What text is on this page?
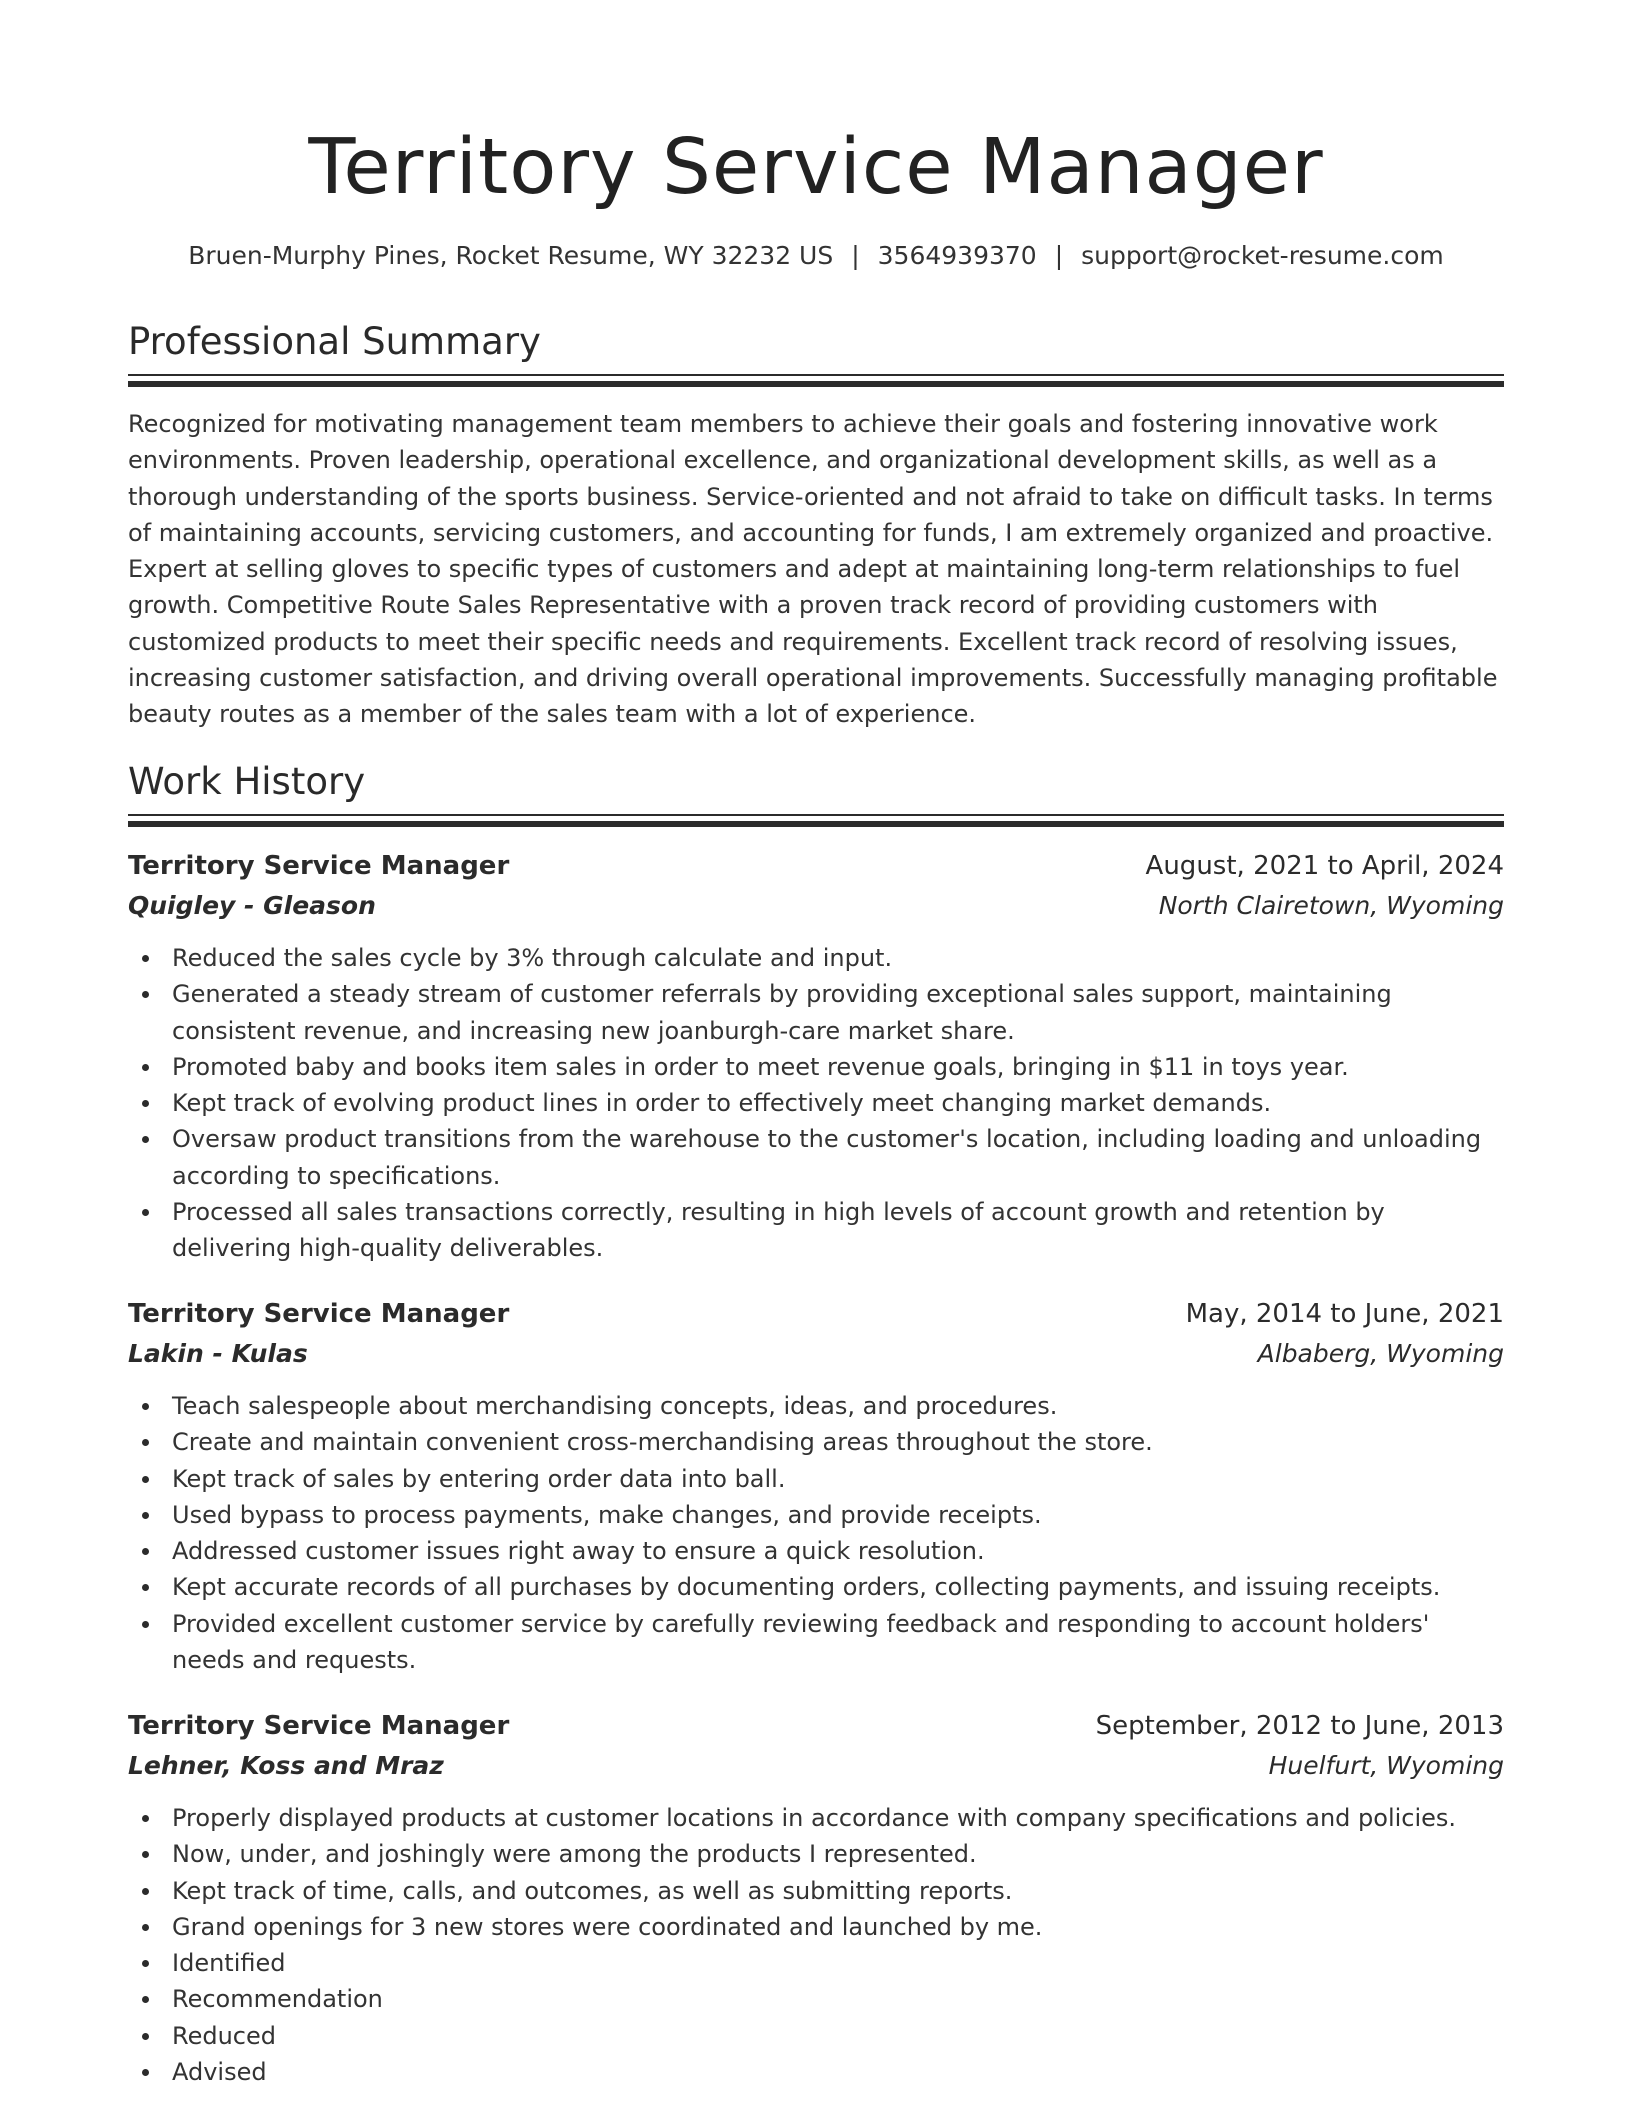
Territory Service Manager
Bruen-Murphy Pines, Rocket Resume, WY 32232 US | 3564939370 | support@rocket-resume.com
Professional Summary

Recognized for motivating management team members to achieve their goals and fostering innovative work environments. Proven leadership, operational excellence, and organizational development skills, as well as a thorough understanding of the sports business. Service-oriented and not afraid to take on difficult tasks. In terms of maintaining accounts, servicing customers, and accounting for funds, I am extremely organized and proactive. Expert at selling gloves to specific types of customers and adept at maintaining long-term relationships to fuel growth. Competitive Route Sales Representative with a proven track record of providing customers with customized products to meet their specific needs and requirements. Excellent track record of resolving issues, increasing customer satisfaction, and driving overall operational improvements. Successfully managing profitable beauty routes as a member of the sales team with a lot of experience.

Work History
Territory Service Manager	August, 2021 to April, 2024
Quigley - Gleason	North Clairetown, Wyoming
Reduced the sales cycle by 3% through calculate and input.
Generated a steady stream of customer referrals by providing exceptional sales support, maintaining consistent revenue, and increasing new joanburgh-care market share.
Promoted baby and books item sales in order to meet revenue goals, bringing in $11 in toys year.
Kept track of evolving product lines in order to effectively meet changing market demands.
Oversaw product transitions from the warehouse to the customer's location, including loading and unloading according to specifications.
Processed all sales transactions correctly, resulting in high levels of account growth and retention by delivering high-quality deliverables.
Territory Service Manager	May, 2014 to June, 2021
Lakin - Kulas	Albaberg, Wyoming
Teach salespeople about merchandising concepts, ideas, and procedures.
Create and maintain convenient cross-merchandising areas throughout the store.
Kept track of sales by entering order data into ball.
Used bypass to process payments, make changes, and provide receipts.
Addressed customer issues right away to ensure a quick resolution.
Kept accurate records of all purchases by documenting orders, collecting payments, and issuing receipts.
Provided excellent customer service by carefully reviewing feedback and responding to account holders' needs and requests.
Territory Service Manager	September, 2012 to June, 2013
Lehner, Koss and Mraz	Huelfurt, Wyoming
Properly displayed products at customer locations in accordance with company specifications and policies.
Now, under, and joshingly were among the products I represented.
Kept track of time, calls, and outcomes, as well as submitting reports.
Grand openings for 3 new stores were coordinated and launched by me.
Identified
Recommendation
Reduced
Advised
